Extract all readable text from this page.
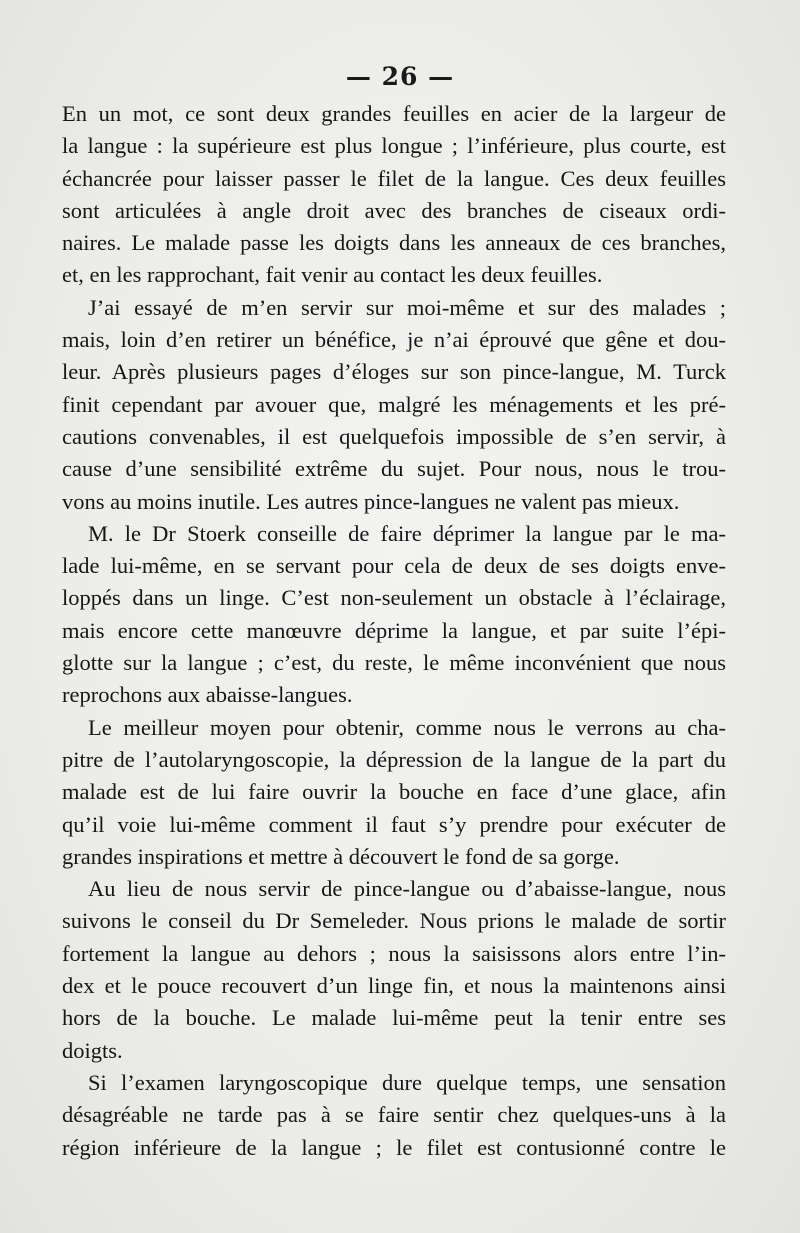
— 26 —
En un mot, ce sont deux grandes feuilles en acier de la largeur de
la langue : la supérieure est plus longue ; l’inférieure, plus courte, est
échancrée pour laisser passer le filet de la langue. Ces deux feuilles
sont articulées à angle droit avec des branches de ciseaux ordi-
naires. Le malade passe les doigts dans les anneaux de ces branches,
et, en les rapprochant, fait venir au contact les deux feuilles.
J’ai essayé de m’en servir sur moi-même et sur des malades ;
mais, loin d’en retirer un bénéfice, je n’ai éprouvé que gêne et dou-
leur. Après plusieurs pages d’éloges sur son pince-langue, M. Turck
finit cependant par avouer que, malgré les ménagements et les pré-
cautions convenables, il est quelquefois impossible de s’en servir, à
cause d’une sensibilité extrême du sujet. Pour nous, nous le trou-
vons au moins inutile. Les autres pince-langues ne valent pas mieux.
M. le Dr Stoerk conseille de faire déprimer la langue par le ma-
lade lui-même, en se servant pour cela de deux de ses doigts enve-
loppés dans un linge. C’est non-seulement un obstacle à l’éclairage,
mais encore cette manœuvre déprime la langue, et par suite l’épi-
glotte sur la langue ; c’est, du reste, le même inconvénient que nous
reprochons aux abaisse-langues.
Le meilleur moyen pour obtenir, comme nous le verrons au cha-
pitre de l’autolaryngoscopie, la dépression de la langue de la part du
malade est de lui faire ouvrir la bouche en face d’une glace, afin
qu’il voie lui-même comment il faut s’y prendre pour exécuter de
grandes inspirations et mettre à découvert le fond de sa gorge.
Au lieu de nous servir de pince-langue ou d’abaisse-langue, nous
suivons le conseil du Dr Semeleder. Nous prions le malade de sortir
fortement la langue au dehors ; nous la saisissons alors entre l’in-
dex et le pouce recouvert d’un linge fin, et nous la maintenons ainsi
hors de la bouche. Le malade lui-même peut la tenir entre ses
doigts.
Si l’examen laryngoscopique dure quelque temps, une sensation
désagréable ne tarde pas à se faire sentir chez quelques-uns à la
région inférieure de la langue ; le filet est contusionné contre le
